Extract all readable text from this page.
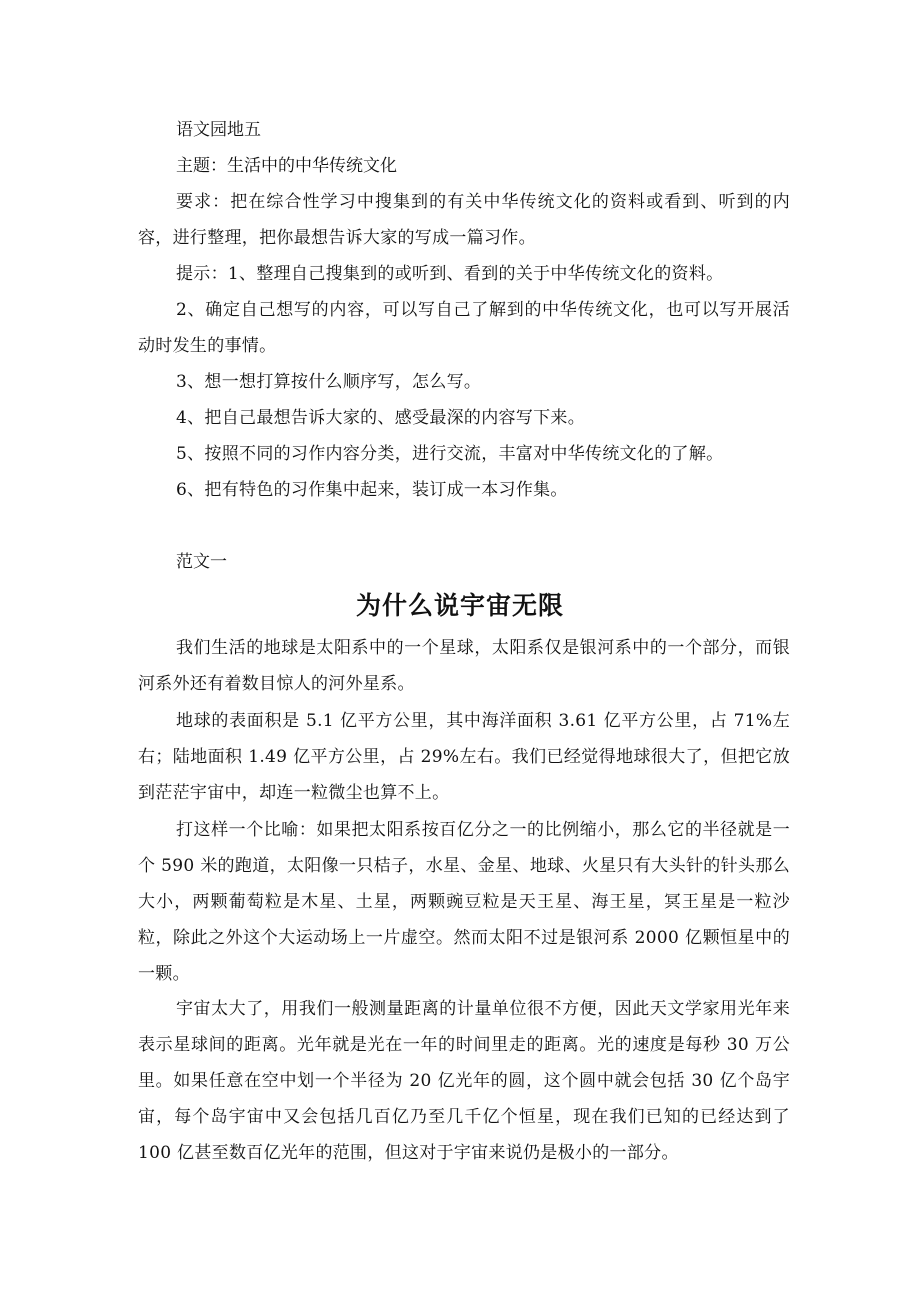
语文园地五

主题：生活中的中华传统文化

要求：把在综合性学习中搜集到的有关中华传统文化的资料或看到、听到的内容，进行整理，把你最想告诉大家的写成一篇习作。

提示：1、整理自己搜集到的或听到、看到的关于中华传统文化的资料。

2、确定自己想写的内容，可以写自己了解到的中华传统文化，也可以写开展活动时发生的事情。

3、想一想打算按什么顺序写，怎么写。

4、把自己最想告诉大家的、感受最深的内容写下来。

5、按照不同的习作内容分类，进行交流，丰富对中华传统文化的了解。

6、把有特色的习作集中起来，装订成一本习作集。

范文一

为什么说宇宙无限

我们生活的地球是太阳系中的一个星球，太阳系仅是银河系中的一个部分，而银河系外还有着数目惊人的河外星系。

地球的表面积是 5.1 亿平方公里，其中海洋面积 3.61 亿平方公里，占 71%左右；陆地面积 1.49 亿平方公里，占 29%左右。我们已经觉得地球很大了，但把它放到茫茫宇宙中，却连一粒微尘也算不上。

打这样一个比喻：如果把太阳系按百亿分之一的比例缩小，那么它的半径就是一个 590 米的跑道，太阳像一只桔子，水星、金星、地球、火星只有大头针的针头那么大小，两颗葡萄粒是木星、土星，两颗豌豆粒是天王星、海王星，冥王星是一粒沙粒，除此之外这个大运动场上一片虚空。然而太阳不过是银河系 2000 亿颗恒星中的一颗。

宇宙太大了，用我们一般测量距离的计量单位很不方便，因此天文学家用光年来表示星球间的距离。光年就是光在一年的时间里走的距离。光的速度是每秒 30 万公里。如果任意在空中划一个半径为 20 亿光年的圆，这个圆中就会包括 30 亿个岛宇宙，每个岛宇宙中又会包括几百亿乃至几千亿个恒星，现在我们已知的已经达到了 100 亿甚至数百亿光年的范围，但这对于宇宙来说仍是极小的一部分。
